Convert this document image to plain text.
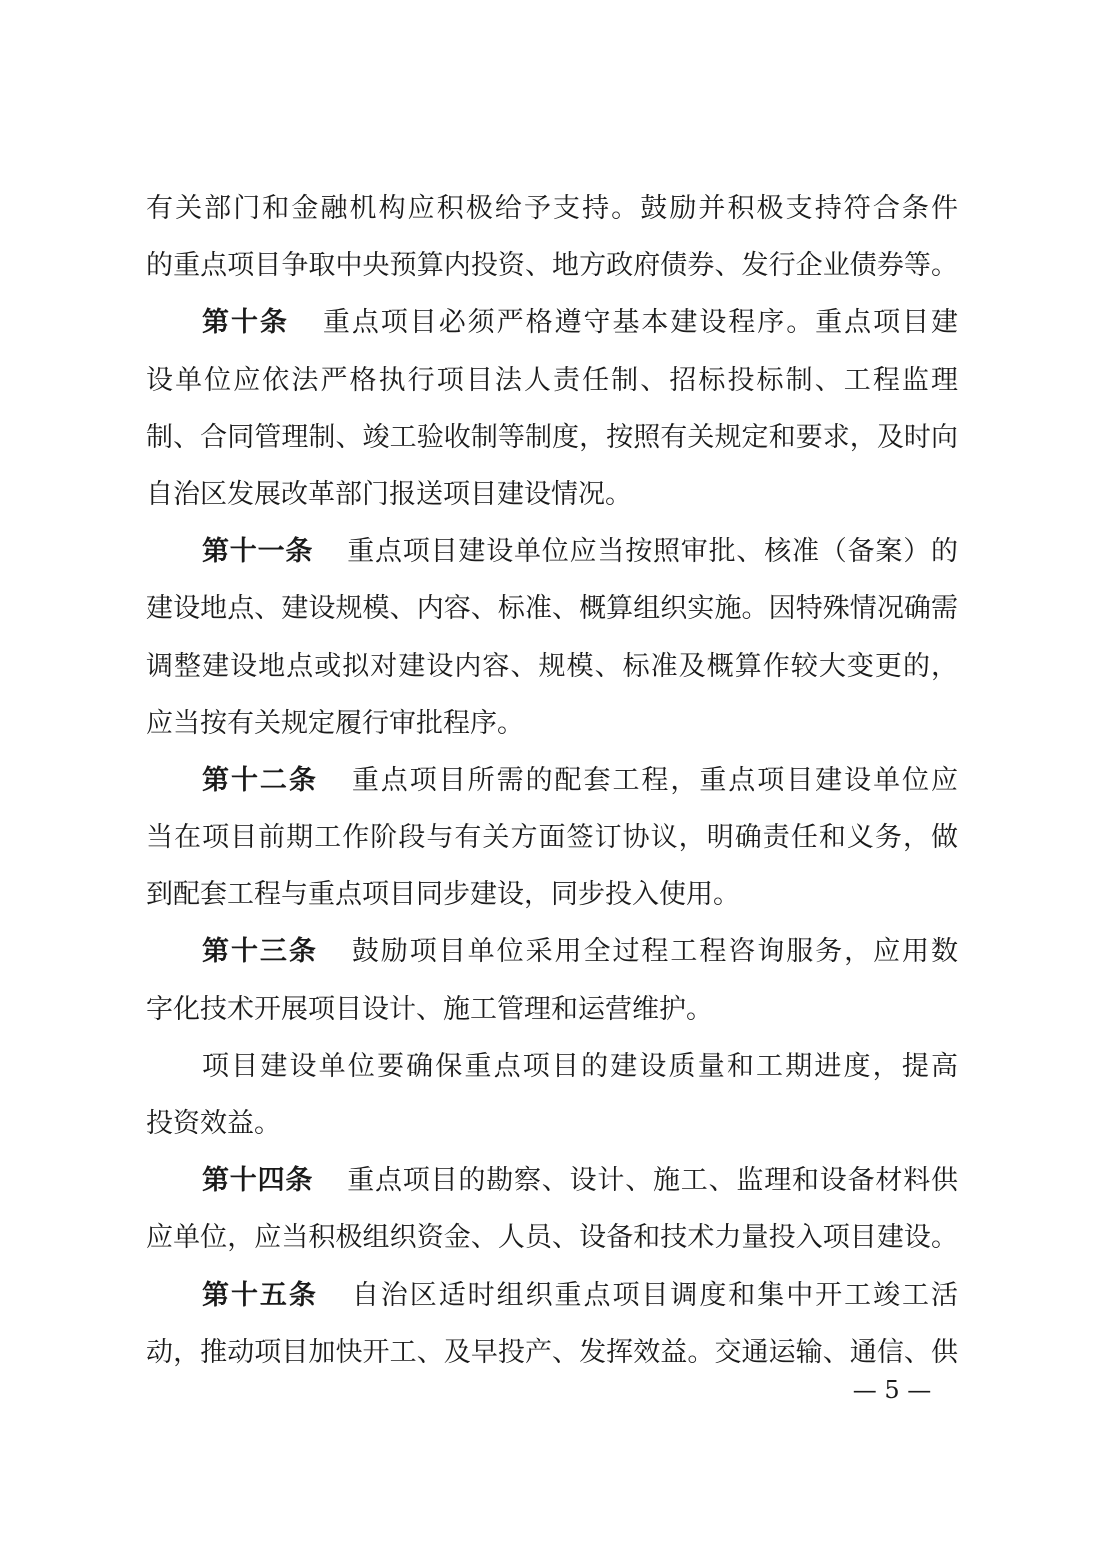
有关部门和金融机构应积极给予支持。鼓励并积极支持符合条件
的重点项目争取中央预算内投资、地方政府债券、发行企业债券等。
第十条 重点项目必须严格遵守基本建设程序。重点项目建
设单位应依法严格执行项目法人责任制、招标投标制、工程监理
制、合同管理制、竣工验收制等制度，按照有关规定和要求，及时向
自治区发展改革部门报送项目建设情况。
第十一条 重点项目建设单位应当按照审批、核准（备案）的
建设地点、建设规模、内容、标准、概算组织实施。因特殊情况确需
调整建设地点或拟对建设内容、规模、标准及概算作较大变更的，
应当按有关规定履行审批程序。
第十二条 重点项目所需的配套工程，重点项目建设单位应
当在项目前期工作阶段与有关方面签订协议，明确责任和义务，做
到配套工程与重点项目同步建设，同步投入使用。
第十三条 鼓励项目单位采用全过程工程咨询服务，应用数
字化技术开展项目设计、施工管理和运营维护。
项目建设单位要确保重点项目的建设质量和工期进度，提高
投资效益。
第十四条 重点项目的勘察、设计、施工、监理和设备材料供
应单位，应当积极组织资金、人员、设备和技术力量投入项目建设。
第十五条 自治区适时组织重点项目调度和集中开工竣工活
动，推动项目加快开工、及早投产、发挥效益。交通运输、通信、供
— 5 —
